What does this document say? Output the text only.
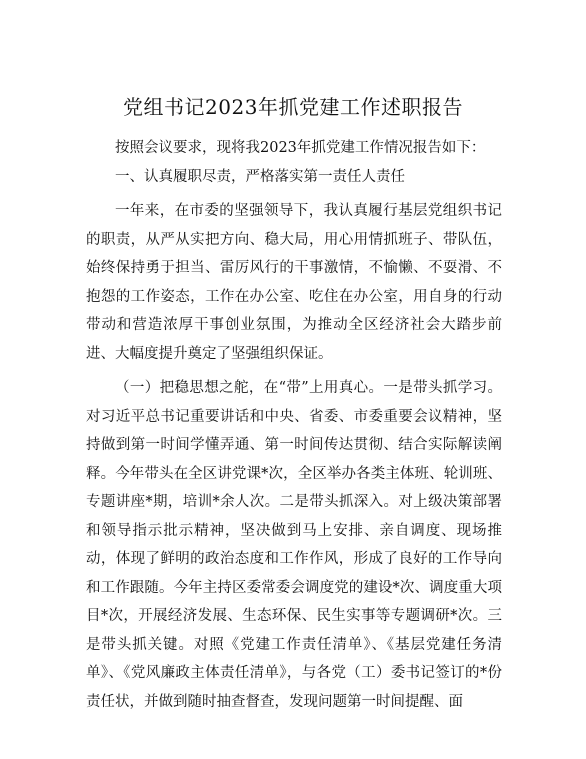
党组书记2023年抓党建工作述职报告

按照会议要求，现将我2023年抓党建工作情况报告如下：

一、认真履职尽责，严格落实第一责任人责任

一年来，在市委的坚强领导下，我认真履行基层党组织书记的职责，从严从实把方向、稳大局，用心用情抓班子、带队伍，始终保持勇于担当、雷厉风行的干事激情，不愉懒、不耍滑、不抱怨的工作姿态，工作在办公室、吃住在办公室，用自身的行动带动和营造浓厚干事创业氛围，为推动全区经济社会大踏步前进、大幅度提升奠定了坚强组织保证。

（一）把稳思想之舵，在“带”上用真心。一是带头抓学习。对习近平总书记重要讲话和中央、省委、市委重要会议精神，坚持做到第一时间学懂弄通、第一时间传达贯彻、结合实际解读阐释。今年带头在全区讲党课*次，全区举办各类主体班、轮训班、专题讲座*期，培训*余人次。二是带头抓深入。对上级决策部署和领导指示批示精神，坚决做到马上安排、亲自调度、现场推动，体现了鲜明的政治态度和工作作风，形成了良好的工作导向和工作跟随。今年主持区委常委会调度党的建设*次、调度重大项目*次，开展经济发展、生态环保、民生实事等专题调研*次。三是带头抓关键。对照《党建工作责任清单》、《基层党建任务清单》、《党风廉政主体责任清单》，与各党（工）委书记签订的*份责任状，并做到随时抽查督查，发现问题第一时间提醒、面
